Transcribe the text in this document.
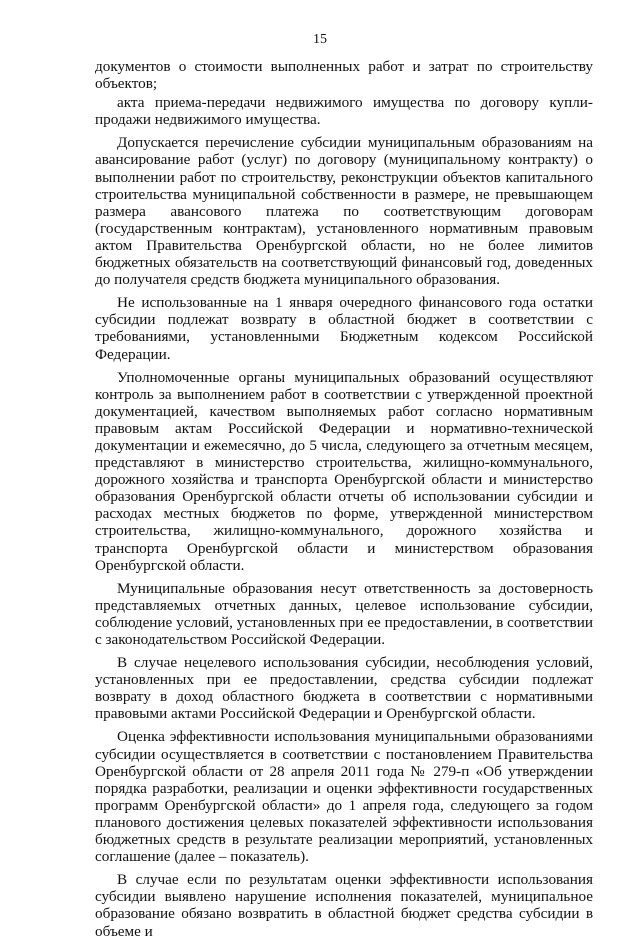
15

документов о стоимости выполненных работ и затрат по строительству объектов;

акта приема-передачи недвижимого имущества по договору купли-продажи недвижимого имущества.

Допускается перечисление субсидии муниципальным образованиям на авансирование работ (услуг) по договору (муниципальному контракту) о выполнении работ по строительству, реконструкции объектов капитального строительства муниципальной собственности в размере, не превышающем размера авансового платежа по соответствующим договорам (государственным контрактам), установленного нормативным правовым актом Правительства Оренбургской области, но не более лимитов бюджетных обязательств на соответствующий финансовый год, доведенных до получателя средств бюджета муниципального образования.

Не использованные на 1 января очередного финансового года остатки субсидии подлежат возврату в областной бюджет в соответствии с требованиями, установленными Бюджетным кодексом Российской Федерации.

Уполномоченные органы муниципальных образований осуществляют контроль за выполнением работ в соответствии с утвержденной проектной документацией, качеством выполняемых работ согласно нормативным правовым актам Российской Федерации и нормативно-технической документации и ежемесячно, до 5 числа, следующего за отчетным месяцем, представляют в министерство строительства, жилищно-коммунального, дорожного хозяйства и транспорта Оренбургской области и министерство образования Оренбургской области отчеты об использовании субсидии и расходах местных бюджетов по форме, утвержденной министерством строительства, жилищно-коммунального, дорожного хозяйства и транспорта Оренбургской области и министерством образования Оренбургской области.

Муниципальные образования несут ответственность за достоверность представляемых отчетных данных, целевое использование субсидии, соблюдение условий, установленных при ее предоставлении, в соответствии с законодательством Российской Федерации.

В случае нецелевого использования субсидии, несоблюдения условий, установленных при ее предоставлении, средства субсидии подлежат возврату в доход областного бюджета в соответствии с нормативными правовыми актами Российской Федерации и Оренбургской области.

Оценка эффективности использования муниципальными образованиями субсидии осуществляется в соответствии с постановлением Правительства Оренбургской области от 28 апреля 2011 года № 279-п «Об утверждении порядка разработки, реализации и оценки эффективности государственных программ Оренбургской области» до 1 апреля года, следующего за годом планового достижения целевых показателей эффективности использования бюджетных средств в результате реализации мероприятий, установленных соглашение (далее – показатель).

В случае если по результатам оценки эффективности использования субсидии выявлено нарушение исполнения показателей, муниципальное образование обязано возвратить в областной бюджет средства субсидии в объеме и
